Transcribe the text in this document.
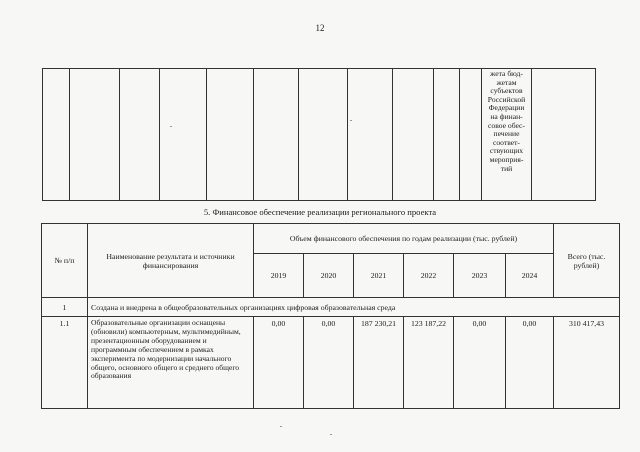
12

жета бюд-
жетам
субъектов
Российской
Федерации
на финан-
совое обес-
печение
соответ-
ствующих
мероприя-
тий

5. Финансовое обеспечение реализации регионального проекта
№ п/п	Наименование результата и источники финансирования	Объем финансового обеспечения по годам реализации (тыс. рублей)						Всего (тыс. рублей)
		2019	2020	2021	2022	2023	2024	
1	Создана и внедрена в общеобразовательных организациях цифровая образовательная среда							
1.1	Образовательные организации оснащены (обновили) компьютерным, мультимедийным, презентационным оборудованием и программным обеспечением в рамках эксперимента по модернизации начального общего, основного общего и среднего общего образования	0,00	0,00	187 230,21	123 187,22	0,00	0,00	310 417,43
